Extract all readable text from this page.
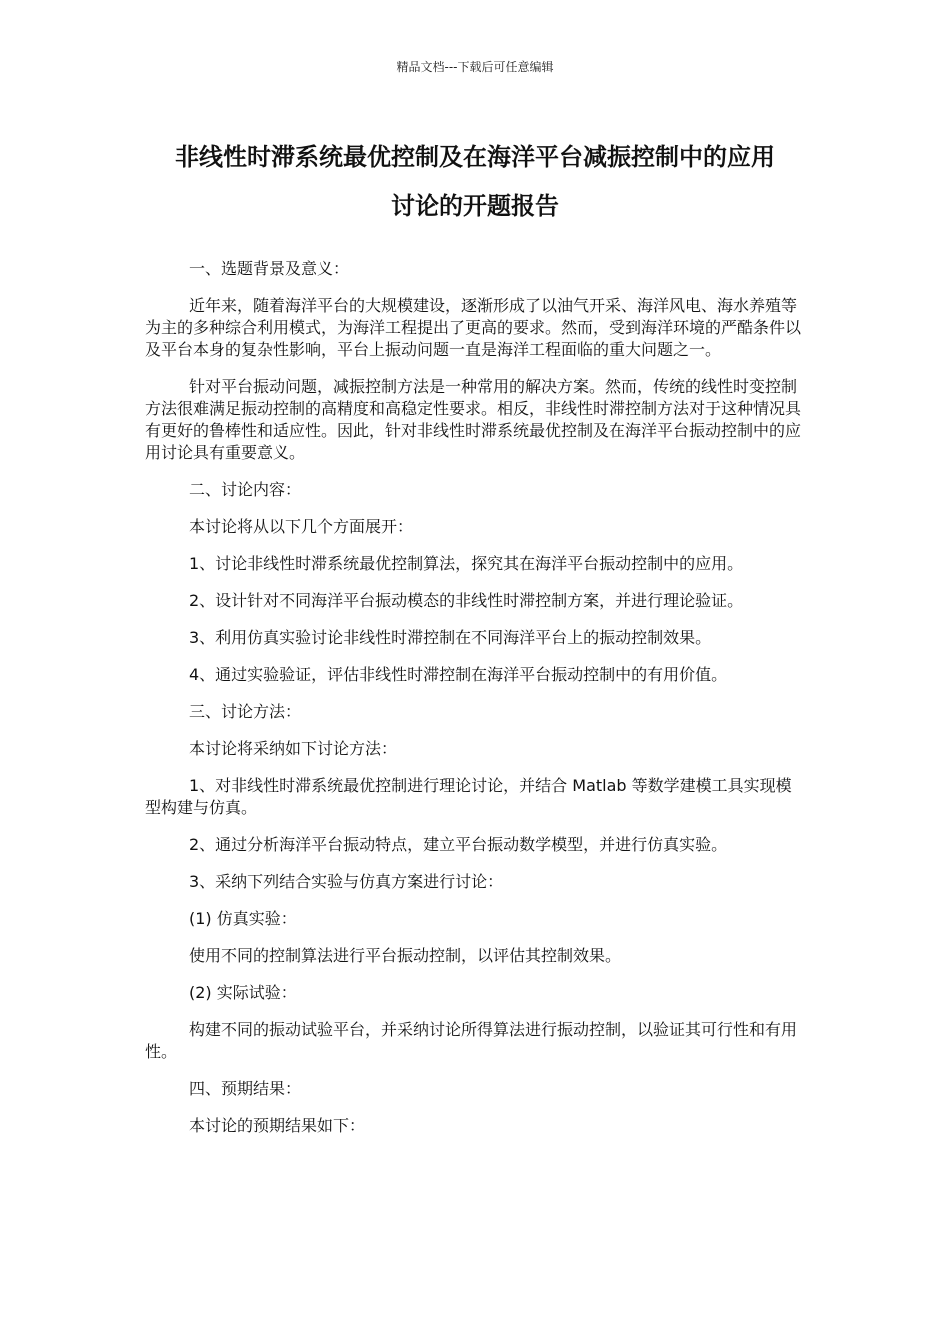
精品文档---下载后可任意编辑
非线性时滞系统最优控制及在海洋平台减振控制中的应用
讨论的开题报告

一、选题背景及意义：

近年来，随着海洋平台的大规模建设，逐渐形成了以油气开采、海洋风电、海水养殖等为主的多种综合利用模式，为海洋工程提出了更高的要求。然而，受到海洋环境的严酷条件以及平台本身的复杂性影响，平台上振动问题一直是海洋工程面临的重大问题之一。

针对平台振动问题，减振控制方法是一种常用的解决方案。然而，传统的线性时变控制方法很难满足振动控制的高精度和高稳定性要求。相反，非线性时滞控制方法对于这种情况具有更好的鲁棒性和适应性。因此，针对非线性时滞系统最优控制及在海洋平台振动控制中的应用讨论具有重要意义。

二、讨论内容：

本讨论将从以下几个方面展开：

1、讨论非线性时滞系统最优控制算法，探究其在海洋平台振动控制中的应用。

2、设计针对不同海洋平台振动模态的非线性时滞控制方案，并进行理论验证。

3、利用仿真实验讨论非线性时滞控制在不同海洋平台上的振动控制效果。

4、通过实验验证，评估非线性时滞控制在海洋平台振动控制中的有用价值。

三、讨论方法：

本讨论将采纳如下讨论方法：

1、对非线性时滞系统最优控制进行理论讨论，并结合 Matlab 等数学建模工具实现模型构建与仿真。

2、通过分析海洋平台振动特点，建立平台振动数学模型，并进行仿真实验。

3、采纳下列结合实验与仿真方案进行讨论：

(1) 仿真实验：

使用不同的控制算法进行平台振动控制，以评估其控制效果。

(2) 实际试验：

构建不同的振动试验平台，并采纳讨论所得算法进行振动控制，以验证其可行性和有用性。

四、预期结果：

本讨论的预期结果如下：
